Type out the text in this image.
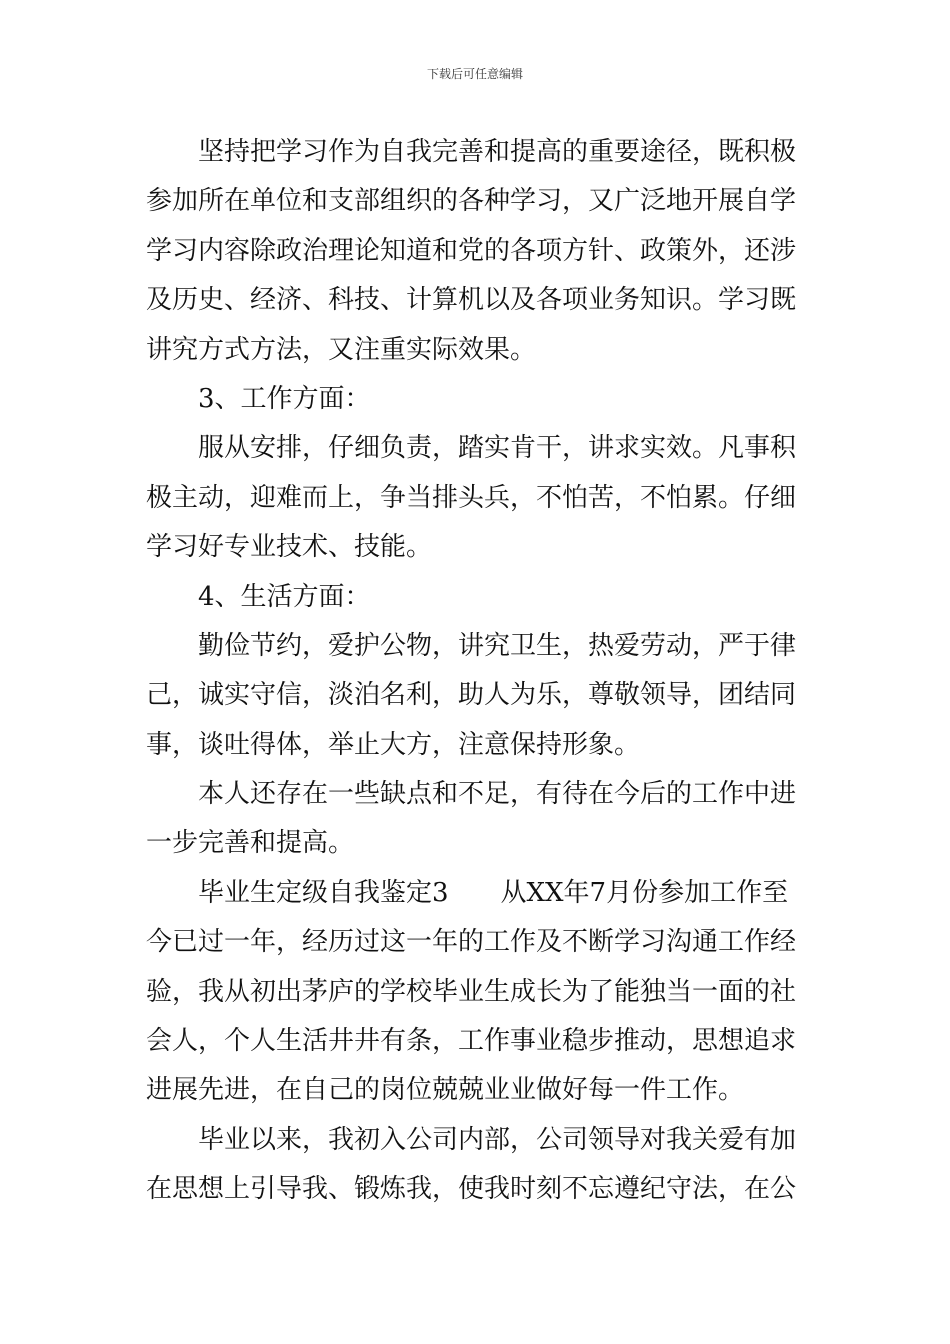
下载后可任意编辑
坚持把学习作为自我完善和提高的重要途径，既积极
参加所在单位和支部组织的各种学习，又广泛地开展自学
学习内容除政治理论知道和党的各项方针、政策外，还涉
及历史、经济、科技、计算机以及各项业务知识。学习既
讲究方式方法，又注重实际效果。
3、工作方面：
服从安排，仔细负责，踏实肯干，讲求实效。凡事积
极主动，迎难而上，争当排头兵，不怕苦，不怕累。仔细
学习好专业技术、技能。
4、生活方面：
勤俭节约，爱护公物，讲究卫生，热爱劳动，严于律
己，诚实守信，淡泊名利，助人为乐，尊敬领导，团结同
事，谈吐得体，举止大方，注意保持形象。
本人还存在一些缺点和不足，有待在今后的工作中进
一步完善和提高。
毕业生定级自我鉴定3　　从XX年7月份参加工作至
今已过一年，经历过这一年的工作及不断学习沟通工作经
验，我从初出茅庐的学校毕业生成长为了能独当一面的社
会人，个人生活井井有条，工作事业稳步推动，思想追求
进展先进，在自己的岗位兢兢业业做好每一件工作。
毕业以来，我初入公司内部，公司领导对我关爱有加
在思想上引导我、锻炼我，使我时刻不忘遵纪守法，在公
